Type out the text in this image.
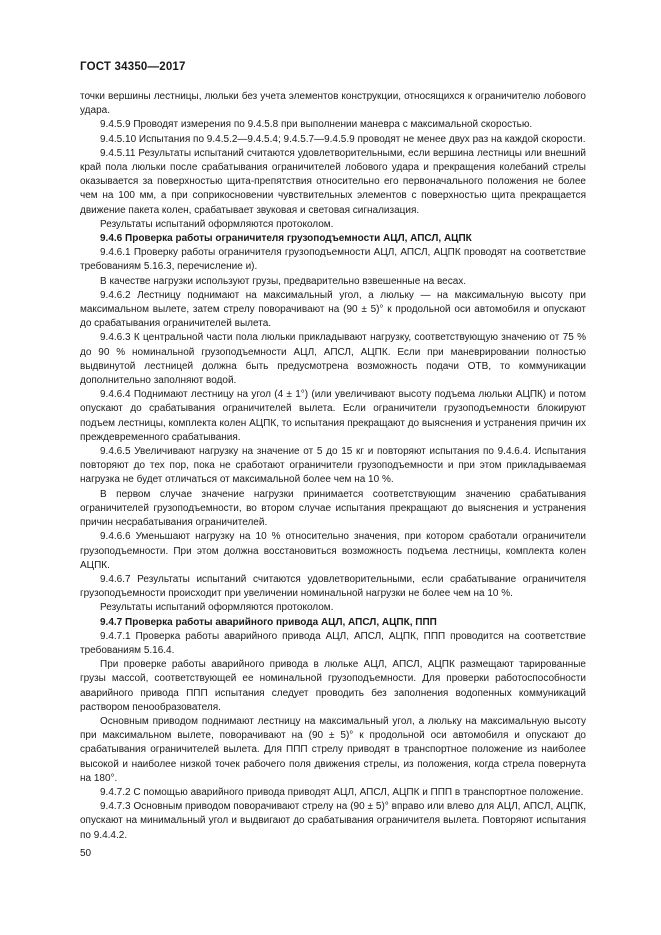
ГОСТ 34350—2017

точки вершины лестницы, люльки без учета элементов конструкции, относящихся к ограничителю лобового удара.

9.4.5.9 Проводят измерения по 9.4.5.8 при выполнении маневра с максимальной скоростью.

9.4.5.10 Испытания по 9.4.5.2—9.4.5.4; 9.4.5.7—9.4.5.9 проводят не менее двух раз на каждой скорости.

9.4.5.11 Результаты испытаний считаются удовлетворительными, если вершина лестницы или внешний край пола люльки после срабатывания ограничителей лобового удара и прекращения колебаний стрелы оказывается за поверхностью щита-препятствия относительно его первоначального положения не более чем на 100 мм, а при соприкосновении чувствительных элементов с поверхностью щита прекращается движение пакета колен, срабатывает звуковая и световая сигнализация.

Результаты испытаний оформляются протоколом.

9.4.6 Проверка работы ограничителя грузоподъемности АЦЛ, АПСЛ, АЦПК

9.4.6.1 Проверку работы ограничителя грузоподъемности АЦЛ, АПСЛ, АЦПК проводят на соответствие требованиям 5.16.3, перечисление и).

В качестве нагрузки используют грузы, предварительно взвешенные на весах.

9.4.6.2 Лестницу поднимают на максимальный угол, а люльку — на максимальную высоту при максимальном вылете, затем стрелу поворачивают на (90 ± 5)° к продольной оси автомобиля и опускают до срабатывания ограничителей вылета.

9.4.6.3 К центральной части пола люльки прикладывают нагрузку, соответствующую значению от 75 % до 90 % номинальной грузоподъемности АЦЛ, АПСЛ, АЦПК. Если при маневрировании полностью выдвинутой лестницей должна быть предусмотрена возможность подачи ОТВ, то коммуникации дополнительно заполняют водой.

9.4.6.4 Поднимают лестницу на угол (4 ± 1°) (или увеличивают высоту подъема люльки АЦПК) и потом опускают до срабатывания ограничителей вылета. Если ограничители грузоподъемности блокируют подъем лестницы, комплекта колен АЦПК, то испытания прекращают до выяснения и устранения причин их преждевременного срабатывания.

9.4.6.5 Увеличивают нагрузку на значение от 5 до 15 кг и повторяют испытания по 9.4.6.4. Испытания повторяют до тех пор, пока не сработают ограничители грузоподъемности и при этом прикладываемая нагрузка не будет отличаться от максимальной более чем на 10 %.

В первом случае значение нагрузки принимается соответствующим значению срабатывания ограничителей грузоподъемности, во втором случае испытания прекращают до выяснения и устранения причин несрабатывания ограничителей.

9.4.6.6 Уменьшают нагрузку на 10 % относительно значения, при котором сработали ограничители грузоподъемности. При этом должна восстановиться возможность подъема лестницы, комплекта колен АЦПК.

9.4.6.7 Результаты испытаний считаются удовлетворительными, если срабатывание ограничителя грузоподъемности происходит при увеличении номинальной нагрузки не более чем на 10 %.

Результаты испытаний оформляются протоколом.

9.4.7 Проверка работы аварийного привода АЦЛ, АПСЛ, АЦПК, ППП

9.4.7.1 Проверка работы аварийного привода АЦЛ, АПСЛ, АЦПК, ППП проводится на соответствие требованиям 5.16.4.

При проверке работы аварийного привода в люльке АЦЛ, АПСЛ, АЦПК размещают тарированные грузы массой, соответствующей ее номинальной грузоподъемности. Для проверки работоспособности аварийного привода ППП испытания следует проводить без заполнения водопенных коммуникаций раствором пенообразователя.

Основным приводом поднимают лестницу на максимальный угол, а люльку на максимальную высоту при максимальном вылете, поворачивают на (90 ± 5)° к продольной оси автомобиля и опускают до срабатывания ограничителей вылета. Для ППП стрелу приводят в транспортное положение из наиболее высокой и наиболее низкой точек рабочего поля движения стрелы, из положения, когда стрела повернута на 180°.

9.4.7.2 С помощью аварийного привода приводят АЦЛ, АПСЛ, АЦПК и ППП в транспортное положение.

9.4.7.3 Основным приводом поворачивают стрелу на (90 ± 5)° вправо или влево для АЦЛ, АПСЛ, АЦПК, опускают на минимальный угол и выдвигают до срабатывания ограничителя вылета. Повторяют испытания по 9.4.4.2.

50
